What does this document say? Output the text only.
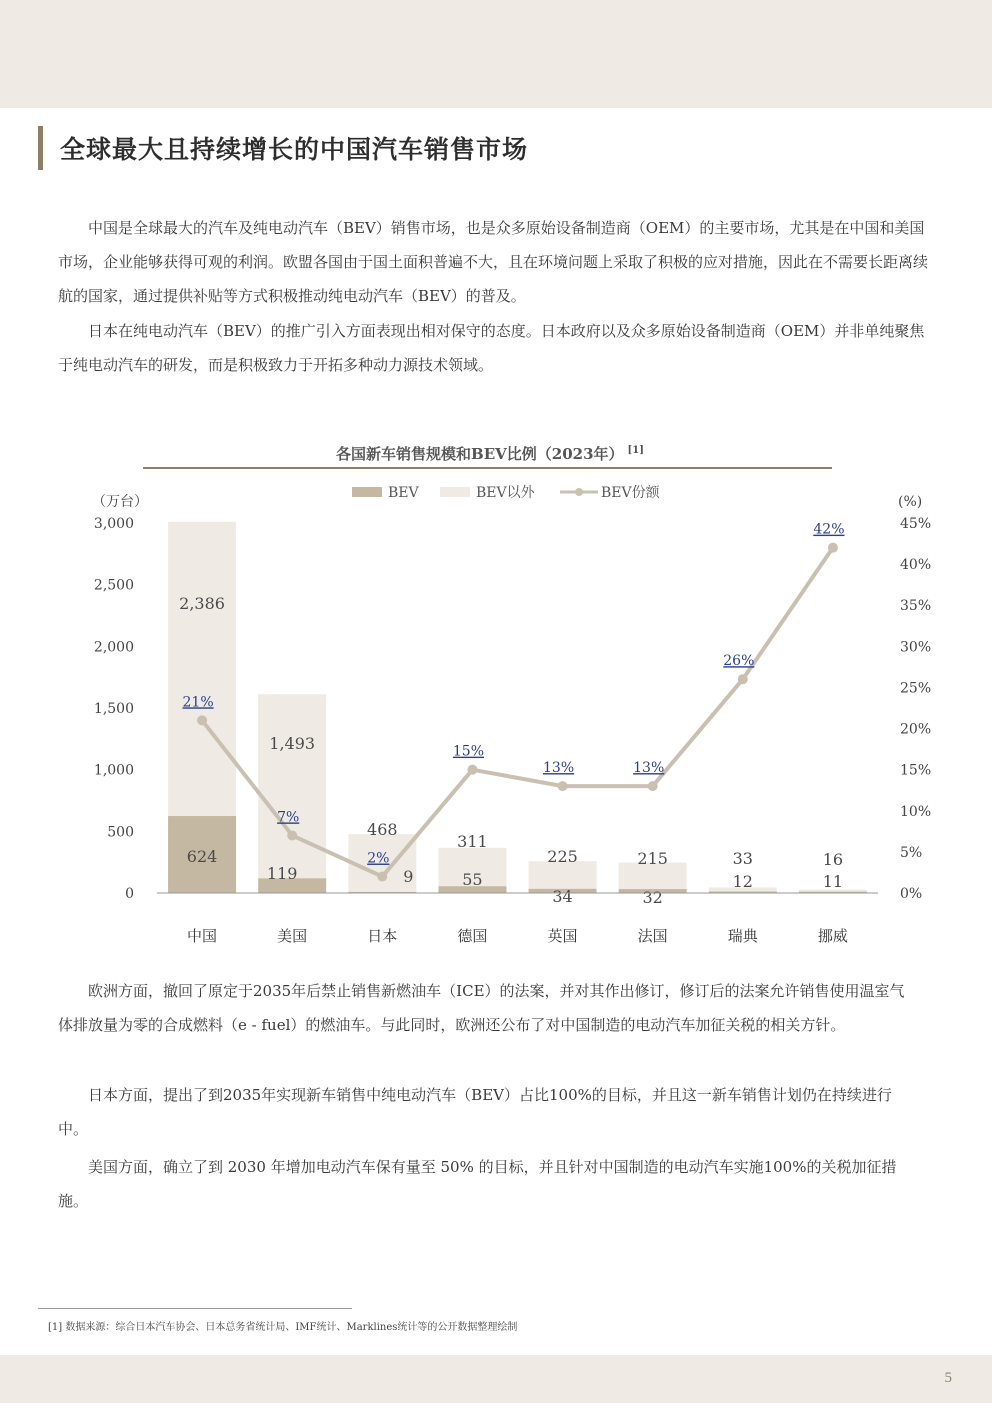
全球最大且持续增长的中国汽车销售市场

中国是全球最大的汽车及纯电动汽车（BEV）销售市场，也是众多原始设备制造商（OEM）的主要市场，尤其是在中国和美国市场，企业能够获得可观的利润。欧盟各国由于国土面积普遍不大，且在环境问题上采取了积极的应对措施，因此在不需要长距离续航的国家，通过提供补贴等方式积极推动纯电动汽车（BEV）的普及。

日本在纯电动汽车（BEV）的推广引入方面表现出相对保守的态度。日本政府以及众多原始设备制造商（OEM）并非单纯聚焦于纯电动汽车的研发，而是积极致力于开拓多种动力源技术领域。

各国新车销售规模和BEV比例（2023年） [1]
BEV	BEV以外	BEV份额
（万台）	(%)
0
500
1,000
1,500
2,000
2,500
3,000
0%
5%
10%
15%
20%
25%
30%
35%
40%
45%
中国	美国	日本	德国	英国	法国	瑞典	挪威
624
2,386
119
1,493
9
468
55
311
34
225
32
215
12
33
11
16
21%
7%
2%
15%
13%	13%
26%
42%

欧洲方面，撤回了原定于2035年后禁止销售新燃油车（ICE）的法案，并对其作出修订，修订后的法案允许销售使用温室气体排放量为零的合成燃料（e - fuel）的燃油车。与此同时，欧洲还公布了对中国制造的电动汽车加征关税的相关方针。

日本方面，提出了到2035年实现新车销售中纯电动汽车（BEV）占比100%的目标，并且这一新车销售计划仍在持续进行中。

美国方面，确立了到 2030 年增加电动汽车保有量至 50% 的目标，并且针对中国制造的电动汽车实施100%的关税加征措施。

[1] 数据来源：综合日本汽车协会、日本总务省统计局、IMF统计、Marklines统计等的公开数据整理绘制
5
